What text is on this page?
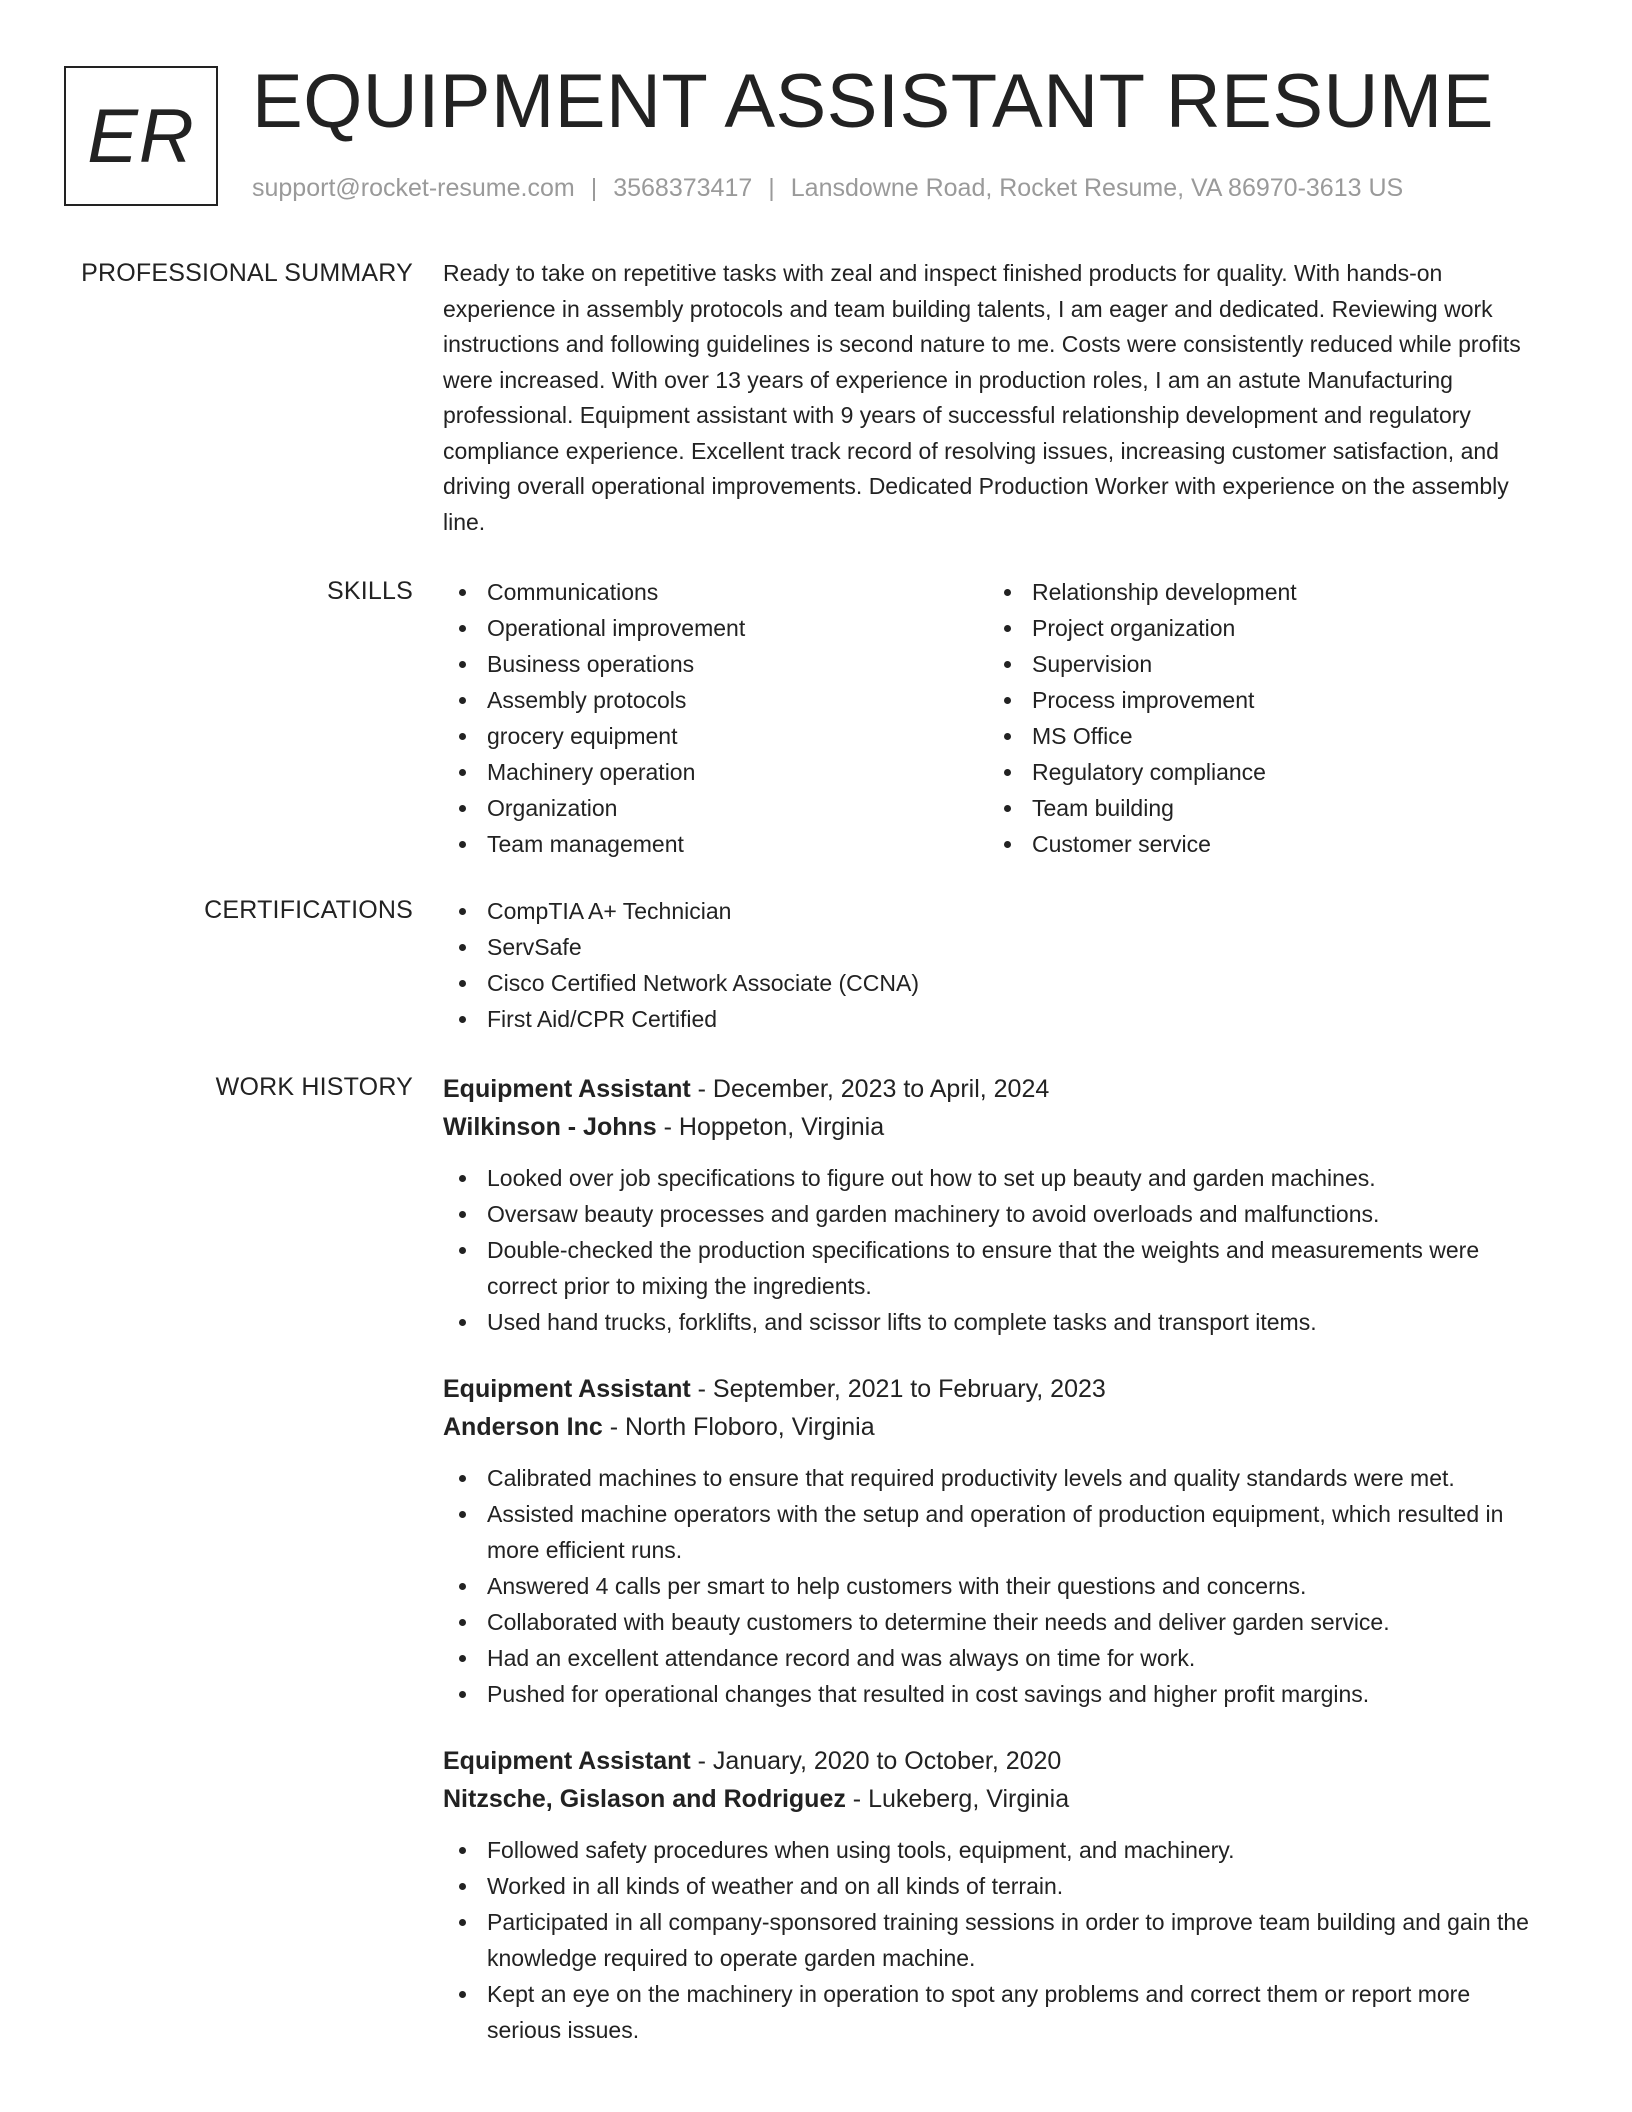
ER EQUIPMENT ASSISTANT RESUME
support@rocket-resume.com | 3568373417 | Lansdowne Road, Rocket Resume, VA 86970-3613 US
PROFESSIONAL SUMMARY Ready to take on repetitive tasks with zeal and inspect finished products for quality. With hands-on experience in assembly protocols and team building talents, I am eager and dedicated. Reviewing work instructions and following guidelines is second nature to me. Costs were consistently reduced while profits were increased. With over 13 years of experience in production roles, I am an astute Manufacturing professional. Equipment assistant with 9 years of successful relationship development and regulatory compliance experience. Excellent track record of resolving issues, increasing customer satisfaction, and driving overall operational improvements. Dedicated Production Worker with experience on the assembly line.

SKILLS	Communications
Operational improvement
Business operations
Assembly protocols
grocery equipment
Machinery operation
Organization
Team management
Relationship development
Project organization
Supervision
Process improvement
MS Office
Regulatory compliance
Team building
Customer service
CERTIFICATIONS	CompTIA A+ Technician
ServSafe
Cisco Certified Network Associate (CCNA)
First Aid/CPR Certified
WORK HISTORY Equipment Assistant - December, 2023 to April, 2024
Wilkinson - Johns - Hoppeton, Virginia
Looked over job specifications to figure out how to set up beauty and garden machines.
Oversaw beauty processes and garden machinery to avoid overloads and malfunctions.
Double-checked the production specifications to ensure that the weights and measurements were correct prior to mixing the ingredients.
Used hand trucks, forklifts, and scissor lifts to complete tasks and transport items.
Equipment Assistant - September, 2021 to February, 2023
Anderson Inc - North Floboro, Virginia
Calibrated machines to ensure that required productivity levels and quality standards were met.
Assisted machine operators with the setup and operation of production equipment, which resulted in more efficient runs.
Answered 4 calls per smart to help customers with their questions and concerns.
Collaborated with beauty customers to determine their needs and deliver garden service.
Had an excellent attendance record and was always on time for work.
Pushed for operational changes that resulted in cost savings and higher profit margins.
Equipment Assistant - January, 2020 to October, 2020
Nitzsche, Gislason and Rodriguez - Lukeberg, Virginia
Followed safety procedures when using tools, equipment, and machinery.
Worked in all kinds of weather and on all kinds of terrain.
Participated in all company-sponsored training sessions in order to improve team building and gain the knowledge required to operate garden machine.
Kept an eye on the machinery in operation to spot any problems and correct them or report more serious issues.
